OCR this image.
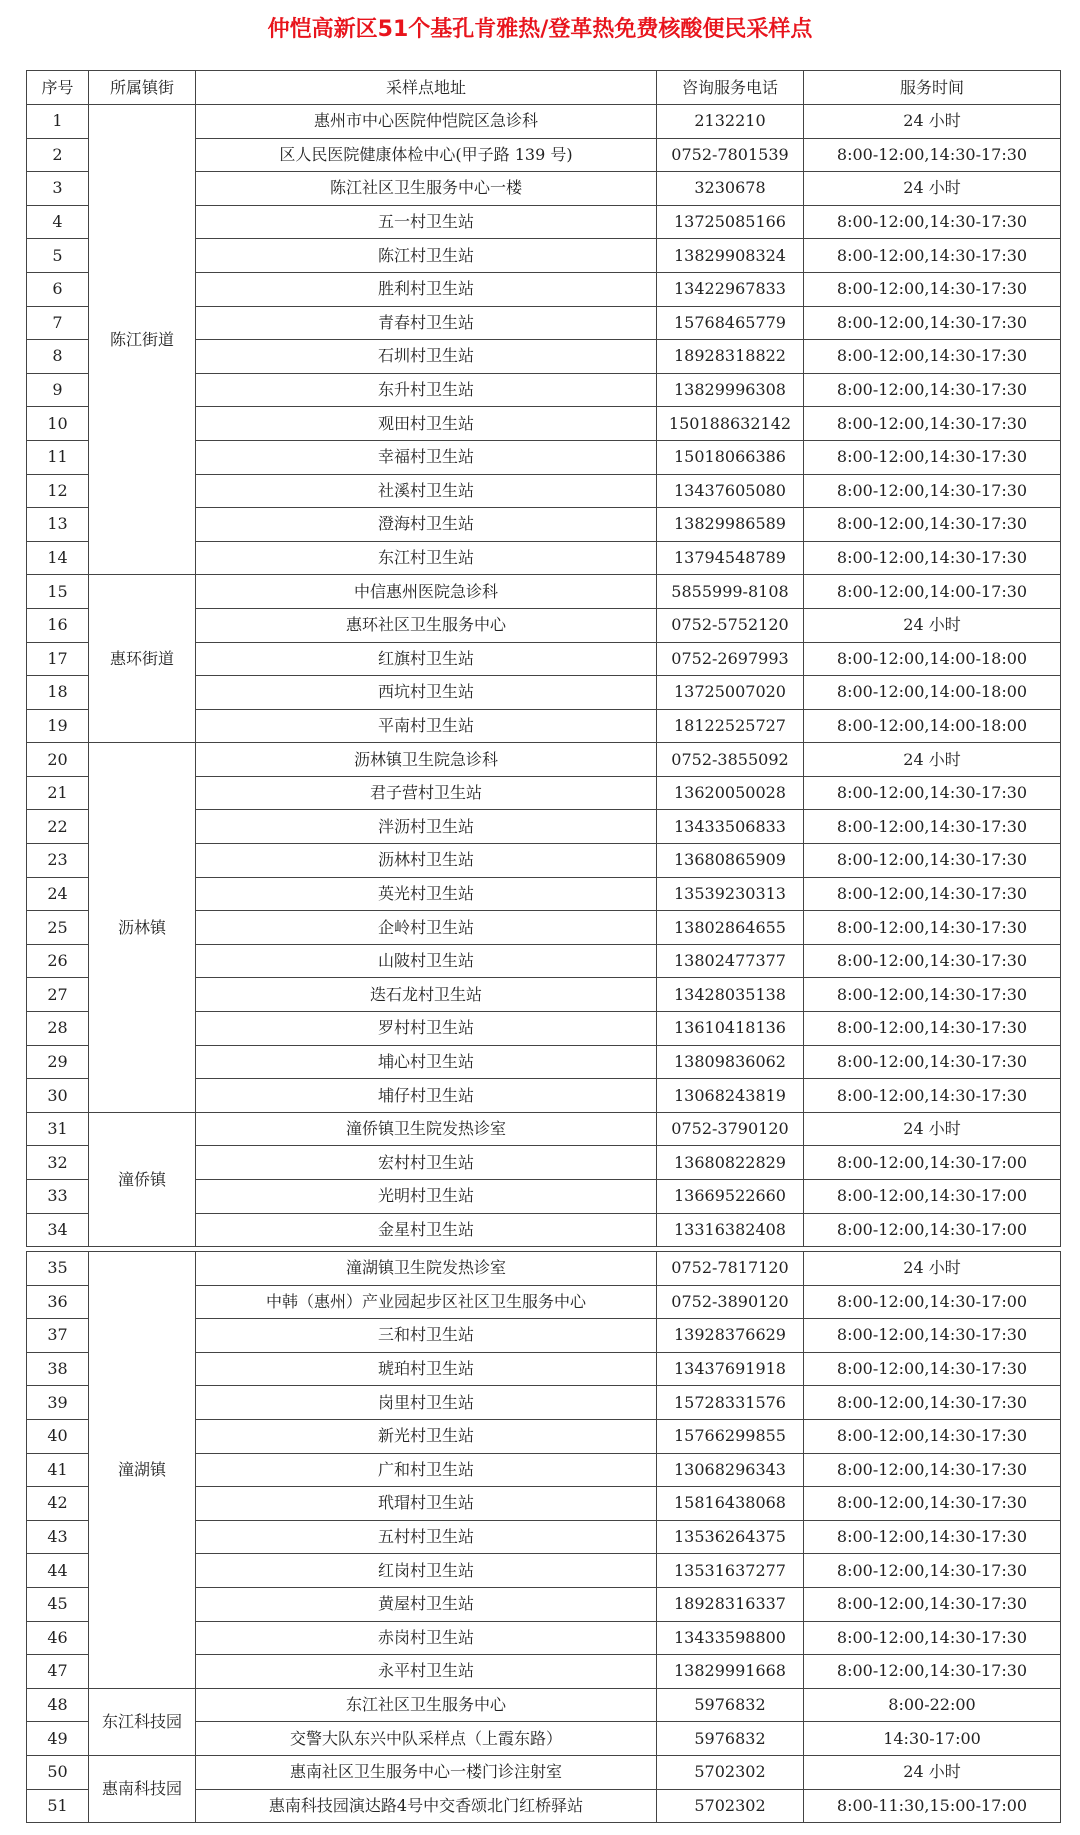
仲恺高新区51个基孔肯雅热/登革热免费核酸便民采样点
序号	所属镇街	采样点地址	咨询服务电话	服务时间
1	陈江街道	惠州市中心医院仲恺院区急诊科	2132210	24 小时
2		区人民医院健康体检中心(甲子路 139 号)	0752-7801539	8:00-12:00,14:30-17:30
3		陈江社区卫生服务中心一楼	3230678	24 小时
4		五一村卫生站	13725085166	8:00-12:00,14:30-17:30
5		陈江村卫生站	13829908324	8:00-12:00,14:30-17:30
6		胜利村卫生站	13422967833	8:00-12:00,14:30-17:30
7		青春村卫生站	15768465779	8:00-12:00,14:30-17:30
8		石圳村卫生站	18928318822	8:00-12:00,14:30-17:30
9		东升村卫生站	13829996308	8:00-12:00,14:30-17:30
10		观田村卫生站	150188632142	8:00-12:00,14:30-17:30
11		幸福村卫生站	15018066386	8:00-12:00,14:30-17:30
12		社溪村卫生站	13437605080	8:00-12:00,14:30-17:30
13		澄海村卫生站	13829986589	8:00-12:00,14:30-17:30
14		东江村卫生站	13794548789	8:00-12:00,14:30-17:30
15	惠环街道	中信惠州医院急诊科	5855999-8108	8:00-12:00,14:00-17:30
16		惠环社区卫生服务中心	0752-5752120	24 小时
17		红旗村卫生站	0752-2697993	8:00-12:00,14:00-18:00
18		西坑村卫生站	13725007020	8:00-12:00,14:00-18:00
19		平南村卫生站	18122525727	8:00-12:00,14:00-18:00
20	沥林镇	沥林镇卫生院急诊科	0752-3855092	24 小时
21		君子营村卫生站	13620050028	8:00-12:00,14:30-17:30
22		泮沥村卫生站	13433506833	8:00-12:00,14:30-17:30
23		沥林村卫生站	13680865909	8:00-12:00,14:30-17:30
24		英光村卫生站	13539230313	8:00-12:00,14:30-17:30
25		企岭村卫生站	13802864655	8:00-12:00,14:30-17:30
26		山陂村卫生站	13802477377	8:00-12:00,14:30-17:30
27		迭石龙村卫生站	13428035138	8:00-12:00,14:30-17:30
28		罗村村卫生站	13610418136	8:00-12:00,14:30-17:30
29		埔心村卫生站	13809836062	8:00-12:00,14:30-17:30
30		埔仔村卫生站	13068243819	8:00-12:00,14:30-17:30
31	潼侨镇	潼侨镇卫生院发热诊室	0752-3790120	24 小时
32		宏村村卫生站	13680822829	8:00-12:00,14:30-17:00
33		光明村卫生站	13669522660	8:00-12:00,14:30-17:00
34		金星村卫生站	13316382408	8:00-12:00,14:30-17:00
35	潼湖镇	潼湖镇卫生院发热诊室	0752-7817120	24 小时
36		中韩（惠州）产业园起步区社区卫生服务中心	0752-3890120	8:00-12:00,14:30-17:00
37		三和村卫生站	13928376629	8:00-12:00,14:30-17:30
38		琥珀村卫生站	13437691918	8:00-12:00,14:30-17:30
39		岗里村卫生站	15728331576	8:00-12:00,14:30-17:30
40		新光村卫生站	15766299855	8:00-12:00,14:30-17:30
41		广和村卫生站	13068296343	8:00-12:00,14:30-17:30
42		玳瑁村卫生站	15816438068	8:00-12:00,14:30-17:30
43		五村村卫生站	13536264375	8:00-12:00,14:30-17:30
44		红岗村卫生站	13531637277	8:00-12:00,14:30-17:30
45		黄屋村卫生站	18928316337	8:00-12:00,14:30-17:30
46		赤岗村卫生站	13433598800	8:00-12:00,14:30-17:30
47		永平村卫生站	13829991668	8:00-12:00,14:30-17:30
48	东江科技园	东江社区卫生服务中心	5976832	8:00-22:00
49		交警大队东兴中队采样点（上霞东路）	5976832	14:30-17:00
50	惠南科技园	惠南社区卫生服务中心一楼门诊注射室	5702302	24 小时
51		惠南科技园演达路4号中交香颂北门红桥驿站	5702302	8:00-11:30,15:00-17:00
